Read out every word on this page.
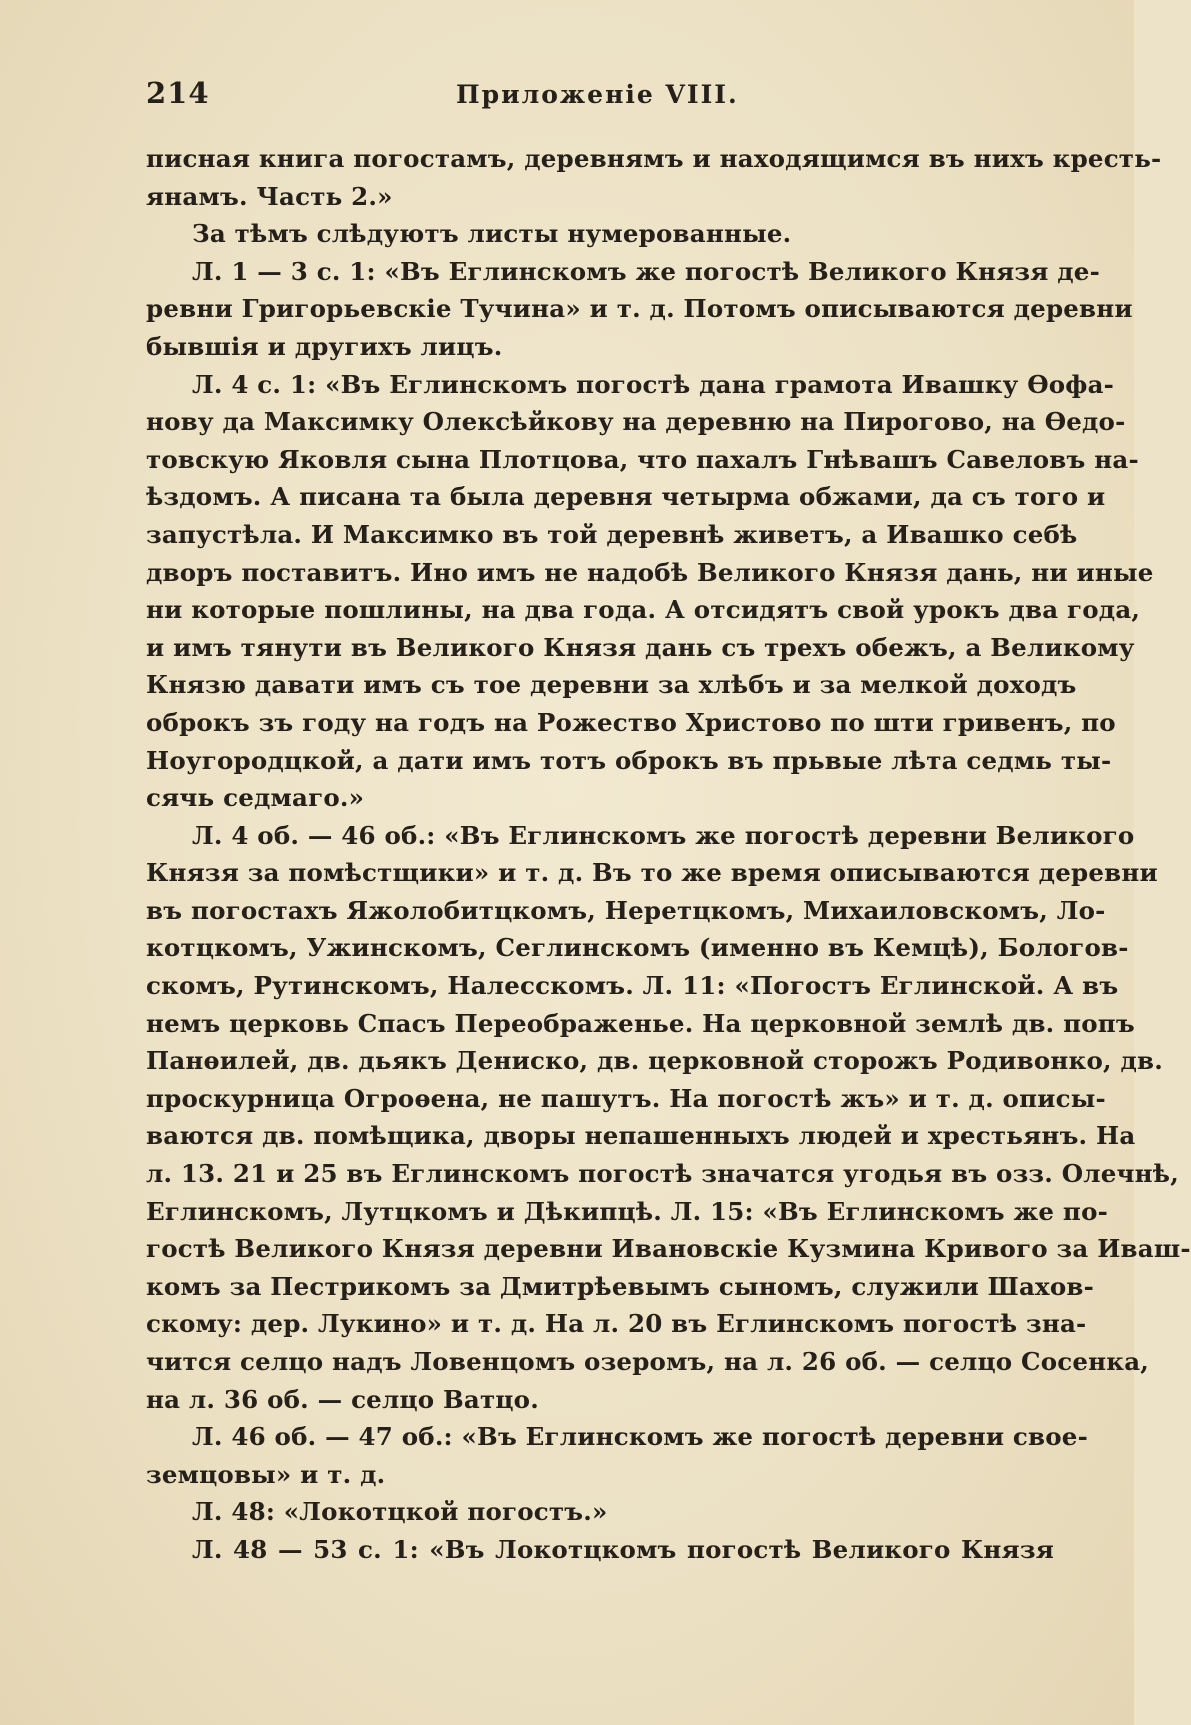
214	Приложеніе VIII.
писная книга погостамъ, деревнямъ и находящимся въ нихъ кресть-
янамъ. Часть 2.»
За тѣмъ слѣдуютъ листы нумерованные.
Л. 1 — 3 с. 1: «Въ Еглинскомъ же погостѣ Великого Князя де-
ревни Григорьевскіе Тучина» и т. д. Потомъ описываются деревни
бывшія и другихъ лицъ.
Л. 4 с. 1: «Въ Еглинскомъ погостѣ дана грамота Ивашку Ѳофа-
нову да Максимку Олексѣйкову на деревню на Пирогово, на Ѳедо-
товскую Яковля сына Плотцова, что пахалъ Гнѣвашъ Савеловъ на-
ѣздомъ. А писана та была деревня четырма обжами, да съ того и
запустѣла. И Максимко въ той деревнѣ живетъ, а Ивашко себѣ
дворъ поставитъ. Ино имъ не надобѣ Великого Князя дань, ни иные
ни которые пошлины, на два года. А отсидятъ свой урокъ два года,
и имъ тянути въ Великого Князя дань съ трехъ обежъ, а Великому
Князю давати имъ съ тое деревни за хлѣбъ и за мелкой доходъ
оброкъ зъ году на годъ на Рожество Христово по шти гривенъ, по
Ноугородцкой, а дати имъ тотъ оброкъ въ прьвые лѣта седмь ты-
сячь седмаго.»
Л. 4 об. — 46 об.: «Въ Еглинскомъ же погостѣ деревни Великого
Князя за помѣстщики» и т. д. Въ то же время описываются деревни
въ погостахъ Яжолобитцкомъ, Неретцкомъ, Михаиловскомъ, Ло-
котцкомъ, Ужинскомъ, Сеглинскомъ (именно въ Кемцѣ), Бологов-
скомъ, Рутинскомъ, Налесскомъ. Л. 11: «Погостъ Еглинской. А въ
немъ церковь Спасъ Переображенье. На церковной землѣ дв. попъ
Панѳилей, дв. дьякъ Дениско, дв. церковной сторожъ Родивонко, дв.
проскурница Огроѳена, не пашутъ. На погостѣ жъ» и т. д. описы-
ваются дв. помѣщика, дворы непашенныхъ людей и хрестьянъ. На
л. 13. 21 и 25 въ Еглинскомъ погостѣ значатся угодья въ озз. Олечнѣ,
Еглинскомъ, Лутцкомъ и Дѣкипцѣ. Л. 15: «Въ Еглинскомъ же по-
гостѣ Великого Князя деревни Ивановскіе Кузмина Кривого за Иваш-
комъ за Пестрикомъ за Дмитрѣевымъ сыномъ, служили Шахов-
скому: дер. Лукино» и т. д. На л. 20 въ Еглинскомъ погостѣ зна-
чится селцо надъ Ловенцомъ озеромъ, на л. 26 об. — селцо Сосенка,
на л. 36 об. — селцо Ватцо.
Л. 46 об. — 47 об.: «Въ Еглинскомъ же погостѣ деревни свое-
земцовы» и т. д.
Л. 48: «Локотцкой погостъ.»
Л. 48 — 53 с. 1: «Въ Локотцкомъ погостѣ Великого Князя
